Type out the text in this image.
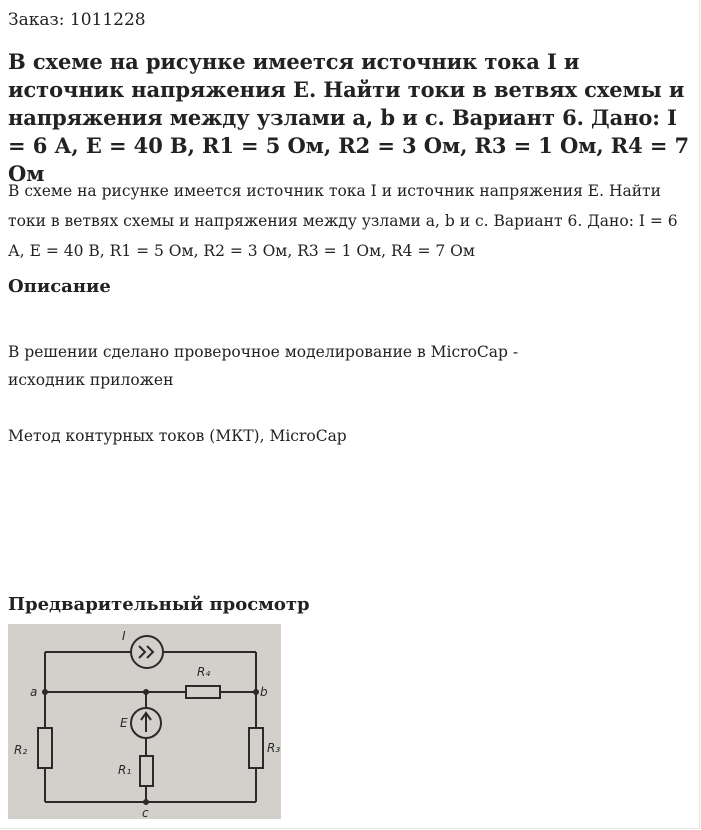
Заказ: 1011228
В схеме на рисунке имеется источник тока I и источник напряжения E. Найти токи в ветвях схемы и напряжения между узлами a, b и c. Вариант 6. Дано: I = 6 А, E = 40 В, R1 = 5 Ом, R2 = 3 Ом, R3 = 1 Ом, R4 = 7 Ом
В схеме на рисунке имеется источник тока I и источник напряжения E. Найти токи в ветвях схемы и напряжения между узлами a, b и c. Вариант 6. Дано: I = 6 А, E = 40 В, R1 = 5 Ом, R2 = 3 Ом, R3 = 1 Ом, R4 = 7 Ом
Описание
В решении сделано проверочное моделирование в MicroCap - исходник приложен
Метод контурных токов (МКТ), MicroCap
Предварительный просмотр
I
R₄
a	b
E
R₂	R₃
R₁
c
